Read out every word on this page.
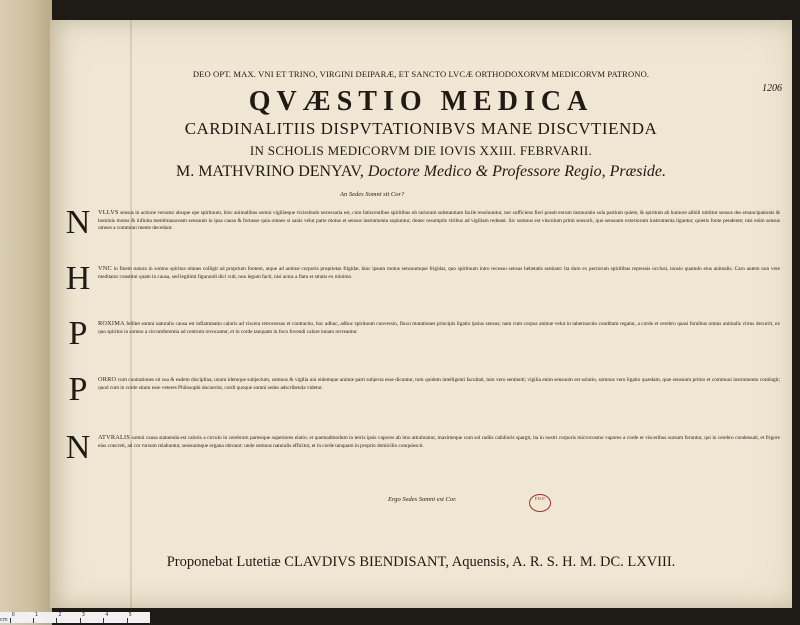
1206
DEO OPT. MAX. VNI ET TRINO, VIRGINI DEIPARÆ, ET SANCTO LVCÆ ORTHODOXORVM MEDICORVM PATRONO.
QVÆSTIO MEDICA
CARDINALITIIS DISPVTATIONIBVS MANE DISCVTIENDA
IN SCHOLIS MEDICORVM DIE IOVIS XXIII. FEBRVARII.
M. MATHVRINO DENYAV, Doctore Medico & Professore Regio, Præside.
An Sedes Somni sit Cor?
N VLLVS sensus in actione versatur absque ope spirituum, hinc animalibus somni vigiliæque vicissitudo necessaria est, cum fatiscentibus spiritibus ob rarioram substantiam facile resoluuntur, nec sufficiens fieri possit eorum instauratio sola partium quiete, & spiritum ab humore alibili mittitur sensus des emancipationis & hominis motus & infinita membranaceam sensuum in ipsa causa & fortasse quia omnes si sanis velut parte motus et sensus instrumenta sopiuntur, donec resumptis viribus ad vigiliam redeant. Sic somnus est vinculum primi sensorii, quo sensuum exteriorum instrumenta ligantur, quietis fonte pendente; nisi enim sensus omnes a communi mente decedunt.
H VNC in finem natura in somno spiritus omnes colligit ad proprium fontem, atque ad animæ corporis proprietas frigidæ, hinc ipsum motus sensuumque frigidat, quo spirituum intro recessu sensus hebetatis sentiant: ita dum ex pectorum spiritibus repressis occlusi, tonsio quamdo eius animalis. Caro autem non vere meditatur constitui quam in causa, sed legitimi figurandi dici vult, non legum facti, nisi actus a flatu et stratis ex minimo.
P	ROXIMA fellitet somni naturalis causa est inflammatio caloris ad viscera retrocessus et contractio, hoc adhuc, adhuc spirituum conversio, fluxu mutationes principis ligatio ipsius sensus; nam cum corpus animæ velut in tabernaculo conditum regatur, a corde et cerebro quasi fontibus omnis animalis virtus decurrit, ex quo spiritus in somno a circumferentia ad centrum revocantur, et in corde tanquam in foco fovendi calore innato recreantur.
P	ORRO cum contrationes sit sua & eadem disciplina, unum idemque subjectum, somnus & vigilia uni eidemque animæ parti subjecta esse dicuntur, tum quidem intelligenti facultati, tum vero sentienti; vigilia enim sensuum est solutio, somnus vero ligatio quædam, quæ sensuum primo et communi instrumento contingit; quod cum in corde situm esse veteres Philosophi docuerint, cordi quoque somni sedes adscribenda videtur.
N ATVRALIS somni causa statuenda est caloris a circulo in cerebrum partesque superiores elatio; et quemadmodum in terris ipsis vapores ab imo attrahuntur, maximeque cum sol radiis calidioris spargit, ita in nostri corporis microcosmo vapores a corde et visceribus sursum feruntur, qui in cerebro condensati, et frigore eius concreti, ad cor rursum relabuntur, sensuumque organa obruunt: unde somnus naturalis efficitur, et in corde tanquam in proprio domicilio conquiescit.
Ergo Sedes Somni est Cor.	F.B.P.
Proponebat Lutetiæ CLAVDIVS BIENDISANT, Aquensis, A. R. S. H. M. DC. LXVIII.
cm
0	1	2	3	4	5
